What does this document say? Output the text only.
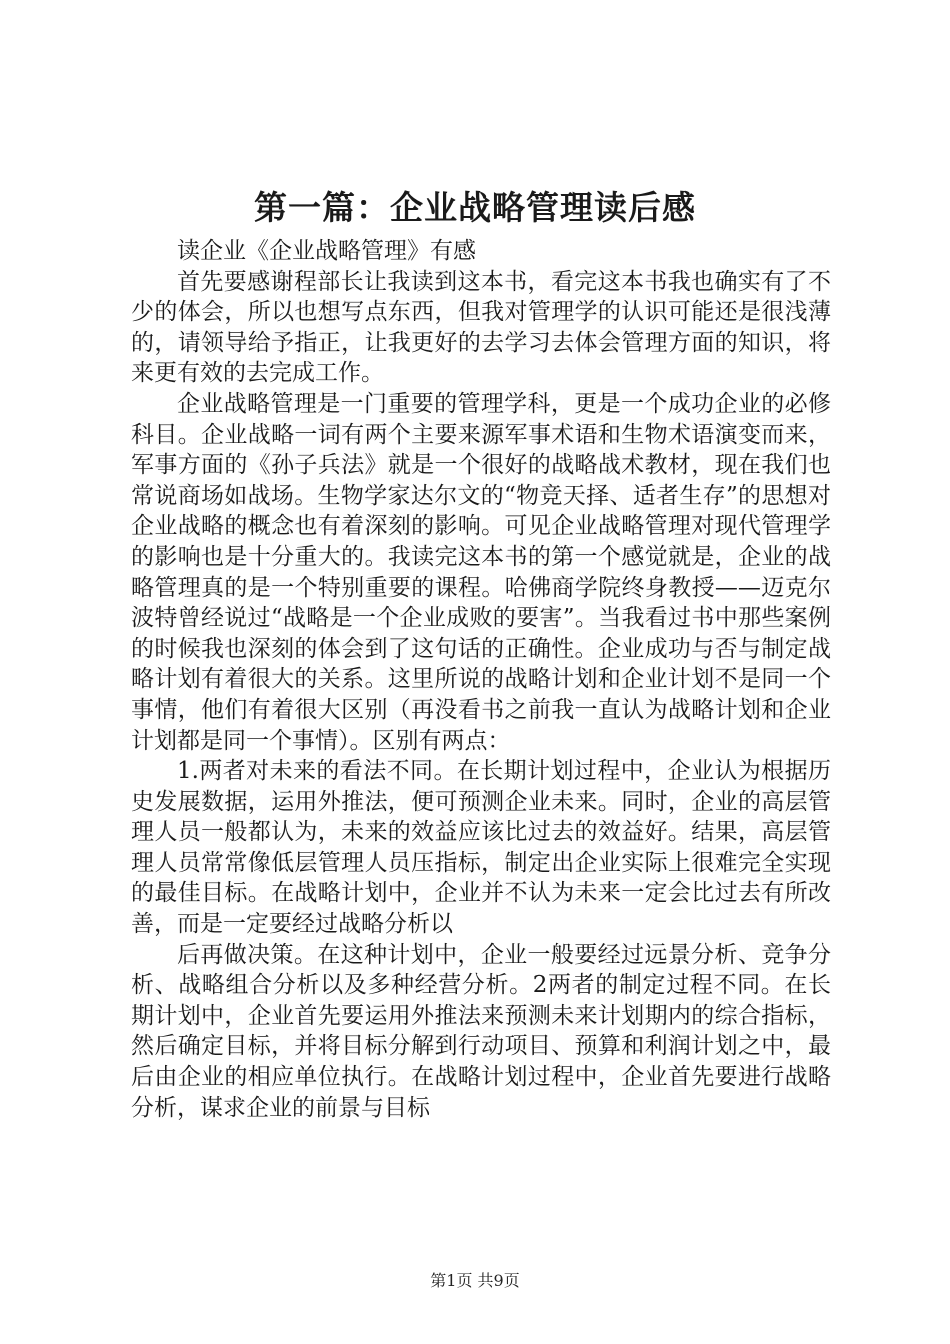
第一篇：企业战略管理读后感

读企业《企业战略管理》有感

首先要感谢程部长让我读到这本书，看完这本书我也确实有了不少的体会，所以也想写点东西，但我对管理学的认识可能还是很浅薄的，请领导给予指正，让我更好的去学习去体会管理方面的知识，将来更有效的去完成工作。

企业战略管理是一门重要的管理学科，更是一个成功企业的必修科目。企业战略一词有两个主要来源军事术语和生物术语演变而来，军事方面的《孙子兵法》就是一个很好的战略战术教材，现在我们也常说商场如战场。生物学家达尔文的“物竞天择、适者生存”的思想对企业战略的概念也有着深刻的影响。可见企业战略管理对现代管理学的影响也是十分重大的。我读完这本书的第一个感觉就是，企业的战略管理真的是一个特别重要的课程。哈佛商学院终身教授——迈克尔波特曾经说过“战略是一个企业成败的要害”。当我看过书中那些案例的时候我也深刻的体会到了这句话的正确性。企业成功与否与制定战略计划有着很大的关系。这里所说的战略计划和企业计划不是同一个事情，他们有着很大区别（再没看书之前我一直认为战略计划和企业计划都是同一个事情）。区别有两点：

1.两者对未来的看法不同。在长期计划过程中，企业认为根据历史发展数据，运用外推法，便可预测企业未来。同时，企业的高层管理人员一般都认为，未来的效益应该比过去的效益好。结果，高层管理人员常常像低层管理人员压指标，制定出企业实际上很难完全实现的最佳目标。在战略计划中，企业并不认为未来一定会比过去有所改善，而是一定要经过战略分析以

后再做决策。在这种计划中，企业一般要经过远景分析、竞争分析、战略组合分析以及多种经营分析。2两者的制定过程不同。在长期计划中，企业首先要运用外推法来预测未来计划期内的综合指标，然后确定目标，并将目标分解到行动项目、预算和利润计划之中，最后由企业的相应单位执行。在战略计划过程中，企业首先要进行战略分析，谋求企业的前景与目标

第1页 共9页
